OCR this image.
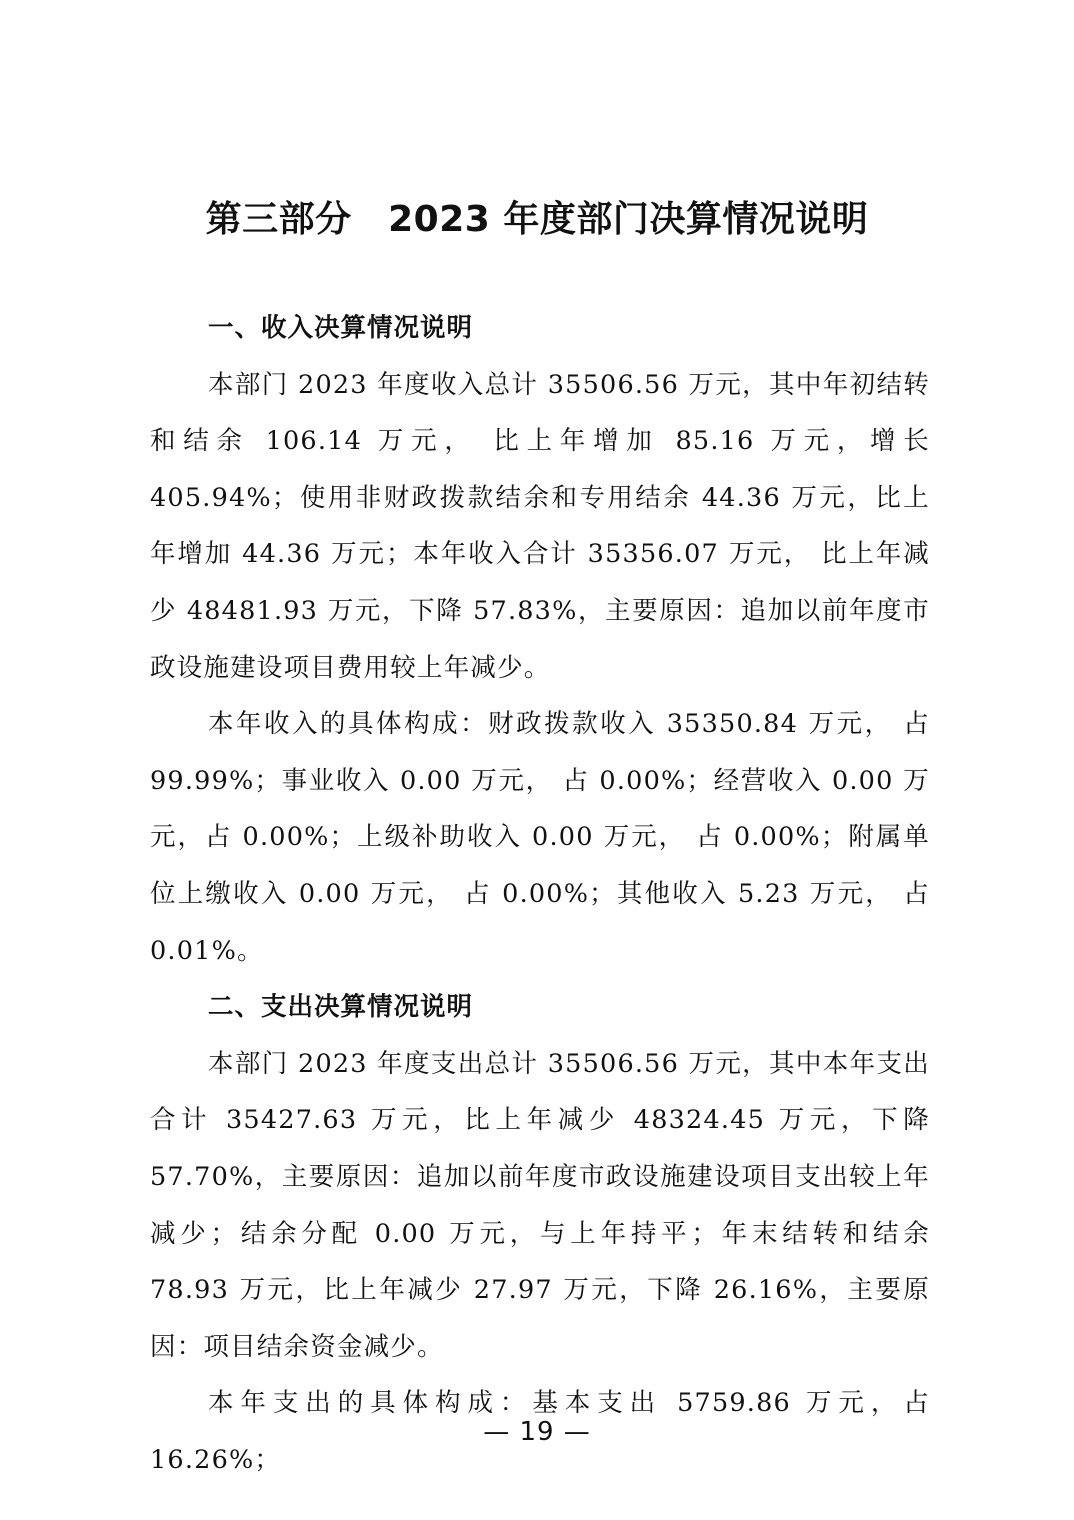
第三部分　2023 年度部门决算情况说明

一、收入决算情况说明

本部门 2023 年度收入总计 35506.56 万元，其中年初结转和结余 106.14 万元， 比上年增加 85.16 万元，增长 405.94%；使用非财政拨款结余和专用结余 44.36 万元，比上年增加 44.36 万元；本年收入合计 35356.07 万元， 比上年减少 48481.93 万元，下降 57.83%，主要原因：追加以前年度市政设施建设项目费用较上年减少。

本年收入的具体构成：财政拨款收入 35350.84 万元， 占 99.99%；事业收入 0.00 万元， 占 0.00%；经营收入 0.00 万元，占 0.00%；上级补助收入 0.00 万元， 占 0.00%；附属单位上缴收入 0.00 万元， 占 0.00%；其他收入 5.23 万元， 占 0.01%。

二、支出决算情况说明

本部门 2023 年度支出总计 35506.56 万元，其中本年支出合计 35427.63 万元，比上年减少 48324.45 万元，下降 57.70%，主要原因：追加以前年度市政设施建设项目支出较上年减少；结余分配 0.00 万元，与上年持平；年末结转和结余 78.93 万元，比上年减少 27.97 万元，下降 26.16%，主要原因：项目结余资金减少。

本年支出的具体构成：基本支出 5759.86 万元，占 16.26%；

— 19 —
